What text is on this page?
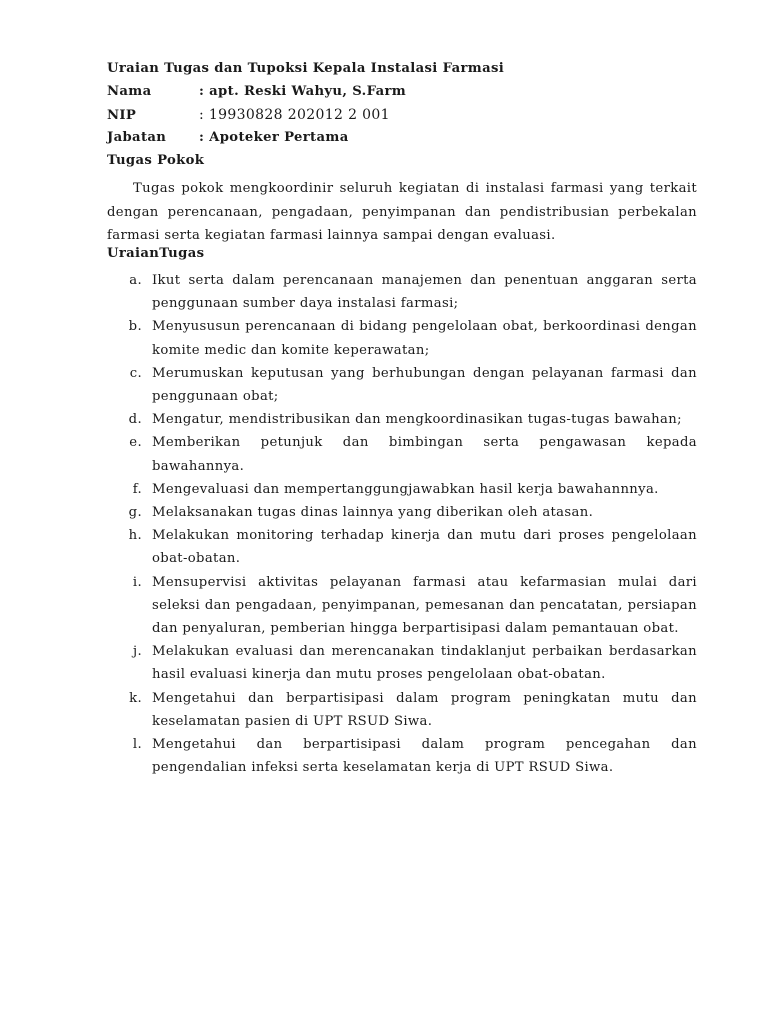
Uraian Tugas dan Tupoksi Kepala Instalasi Farmasi
Nama	: apt. Reski Wahyu, S.Farm
NIP	: 19930828 202012 2 001
Jabatan : Apoteker Pertama
Tugas Pokok

Tugas pokok mengkoordinir seluruh kegiatan di instalasi farmasi yang terkait dengan perencanaan, pengadaan, penyimpanan dan pendistribusian perbekalan farmasi serta kegiatan farmasi lainnya sampai dengan evaluasi.

UraianTugas
a. Ikut serta dalam perencanaan manajemen dan penentuan anggaran serta penggunaan sumber daya instalasi farmasi;
b. Menyususun perencanaan di bidang pengelolaan obat, berkoordinasi dengan komite medic dan komite keperawatan;
c. Merumuskan keputusan yang berhubungan dengan pelayanan farmasi dan penggunaan obat;
d. Mengatur, mendistribusikan dan mengkoordinasikan tugas-tugas bawahan;
e. Memberikan petunjuk dan bimbingan serta pengawasan kepada bawahannya.
f. Mengevaluasi dan mempertanggungjawabkan hasil kerja bawahannnya.
g. Melaksanakan tugas dinas lainnya yang diberikan oleh atasan.
h. Melakukan monitoring terhadap kinerja dan mutu dari proses pengelolaan obat-obatan.
i. Mensupervisi aktivitas pelayanan farmasi atau kefarmasian mulai dari seleksi dan pengadaan, penyimpanan, pemesanan dan pencatatan, persiapan dan penyaluran, pemberian hingga berpartisipasi dalam pemantauan obat.
j. Melakukan evaluasi dan merencanakan tindaklanjut perbaikan berdasarkan hasil evaluasi kinerja dan mutu proses pengelolaan obat-obatan.
k. Mengetahui dan berpartisipasi dalam program peningkatan mutu dan keselamatan pasien di UPT RSUD Siwa.
l. Mengetahui dan berpartisipasi dalam program pencegahan dan pengendalian infeksi serta keselamatan kerja di UPT RSUD Siwa.
